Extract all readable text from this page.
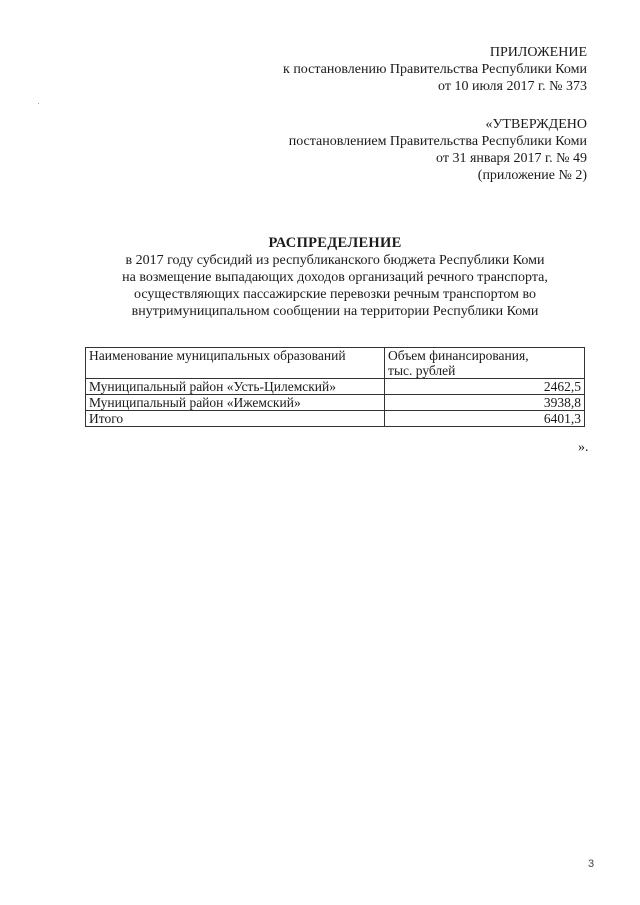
ПРИЛОЖЕНИЕ
к постановлению Правительства Республики Коми
от 10 июля 2017 г. № 373
«УТВЕРЖДЕНО
постановлением Правительства Республики Коми
от 31 января 2017 г. № 49
(приложение № 2)
РАСПРЕДЕЛЕНИЕ
в 2017 году субсидий из республиканского бюджета Республики Коми
на возмещение выпадающих доходов организаций речного транспорта,
осуществляющих пассажирские перевозки речным транспортом во
внутримуниципальном сообщении на территории Республики Коми
Наименование муниципальных образований	Объем финансирования,
тыс. рублей

Муниципальный район «Усть-Цилемский»	2462,5
Муниципальный район «Ижемский»	3938,8
Итого	6401,3
».
3
